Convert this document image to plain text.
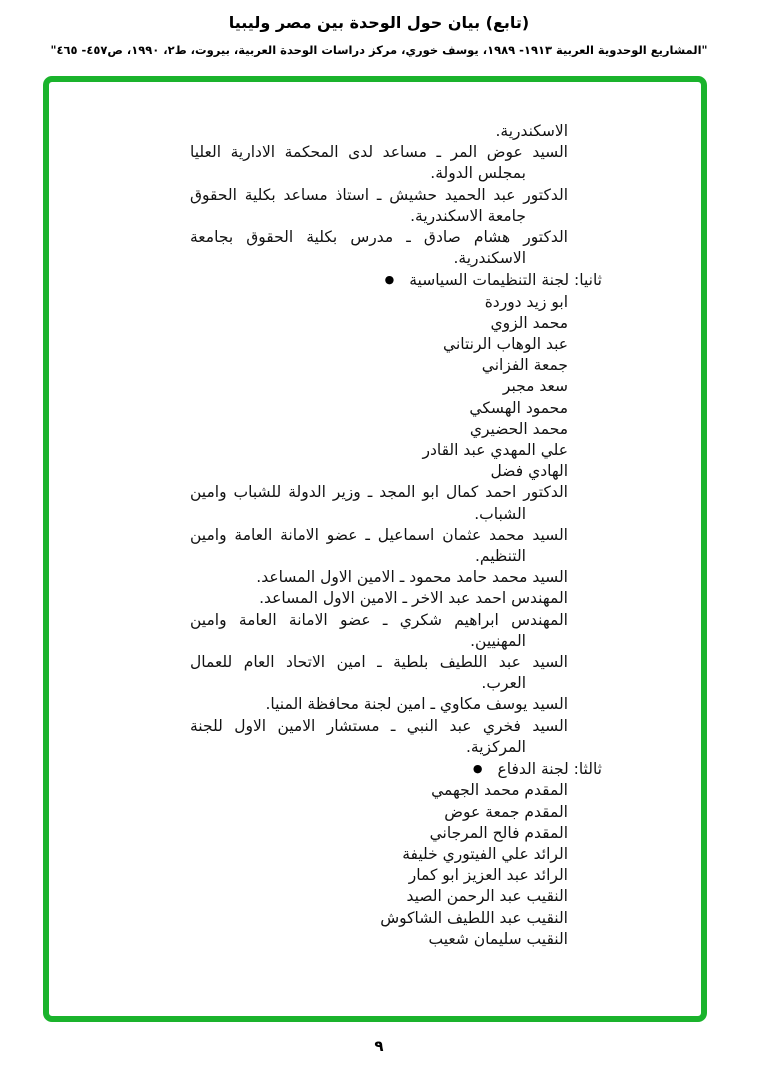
(تابع) بيان حول الوحدة بين مصر وليبيا
"المشاريع الوحدوية العربية ١٩١٣- ١٩٨٩، يوسف خوري، مركز دراسات الوحدة العربية، بيروت، ط٢، ١٩٩٠، ص٤٥٧- ٤٦٥"
الاسكندرية.
السيد عوض المر ـ مساعد لدى المحكمة الادارية العليا
بمجلس الدولة.
الدكتور عبد الحميد حشيش ـ استاذ مساعد بكلية الحقوق
جامعة الاسكندرية.
الدكتور هشام صادق ـ مدرس بكلية الحقوق بجامعة
الاسكندرية.
ثانيا: لجنة التنظيمات السياسية●
ابو زيد دوردة
محمد الزوي
عبد الوهاب الرنتاني
جمعة الفزاني
سعد مجبر
محمود الهسكي
محمد الحضيري
علي المهدي عبد القادر
الهادي فضل
الدكتور احمد كمال ابو المجد ـ وزير الدولة للشباب وامين
الشباب.
السيد محمد عثمان اسماعيل ـ عضو الامانة العامة وامين
التنظيم.
السيد محمد حامد محمود ـ الامين الاول المساعد.
المهندس احمد عبد الاخر ـ الامين الاول المساعد.
المهندس ابراهيم شكري ـ عضو الامانة العامة وامين
المهنيين.
السيد عبد اللطيف بلطية ـ امين الاتحاد العام للعمال
العرب.
السيد يوسف مكاوي ـ امين لجنة محافظة المنيا.
السيد فخري عبد النبي ـ مستشار الامين الاول للجنة
المركزية.
ثالثا: لجنة الدفاع●
المقدم محمد الجهمي
المقدم جمعة عوض
المقدم فالح المرجاني
الرائد علي الفيتوري خليفة
الرائد عبد العزيز ابو كمار
النقيب عبد الرحمن الصيد
النقيب عبد اللطيف الشاكوش
النقيب سليمان شعيب
٩
